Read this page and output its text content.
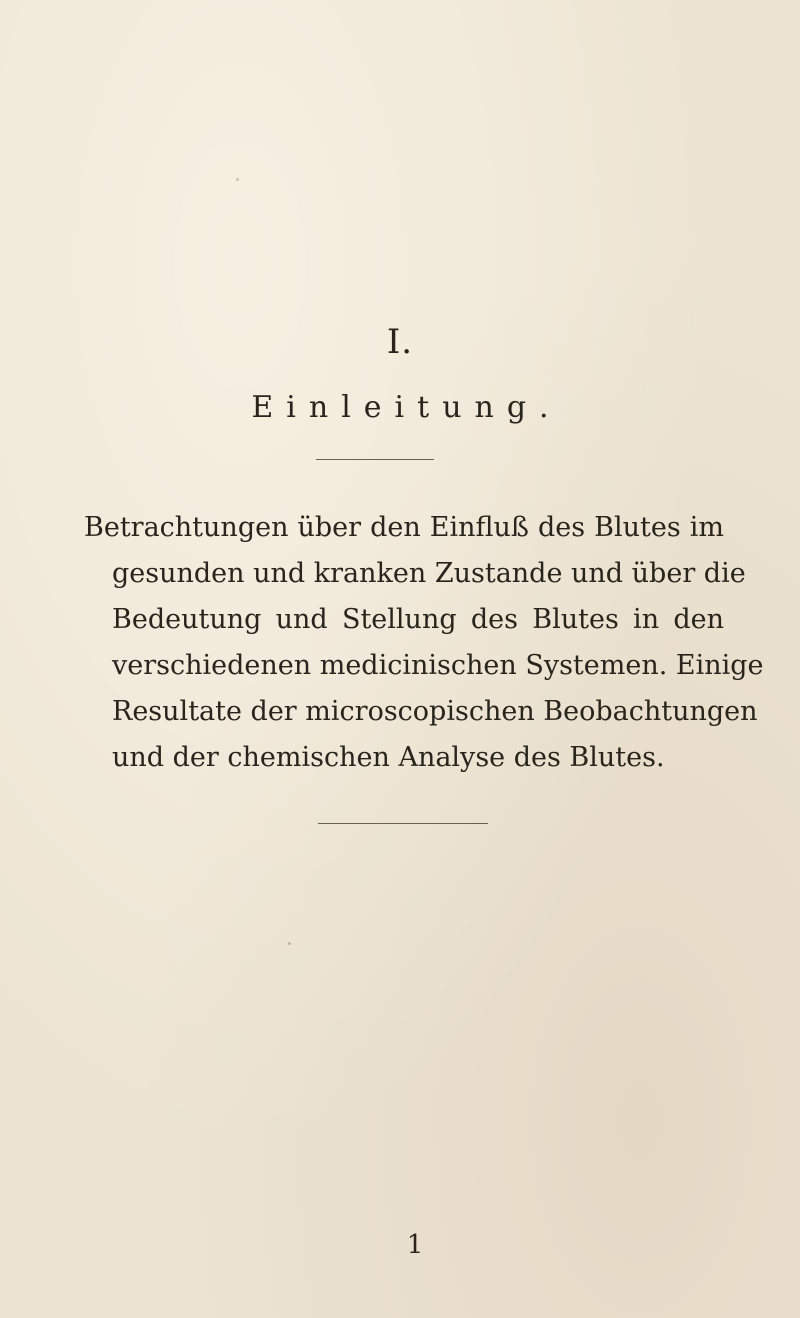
I.
Einleitung.
Betrachtungen über den Einfluß des Blutes im
gesunden und kranken Zustande und über die
Bedeutung und Stellung des Blutes in den
verschiedenen medicinischen Systemen. Einige
Resultate der microscopischen Beobachtungen
und der chemischen Analyse des Blutes.
1
